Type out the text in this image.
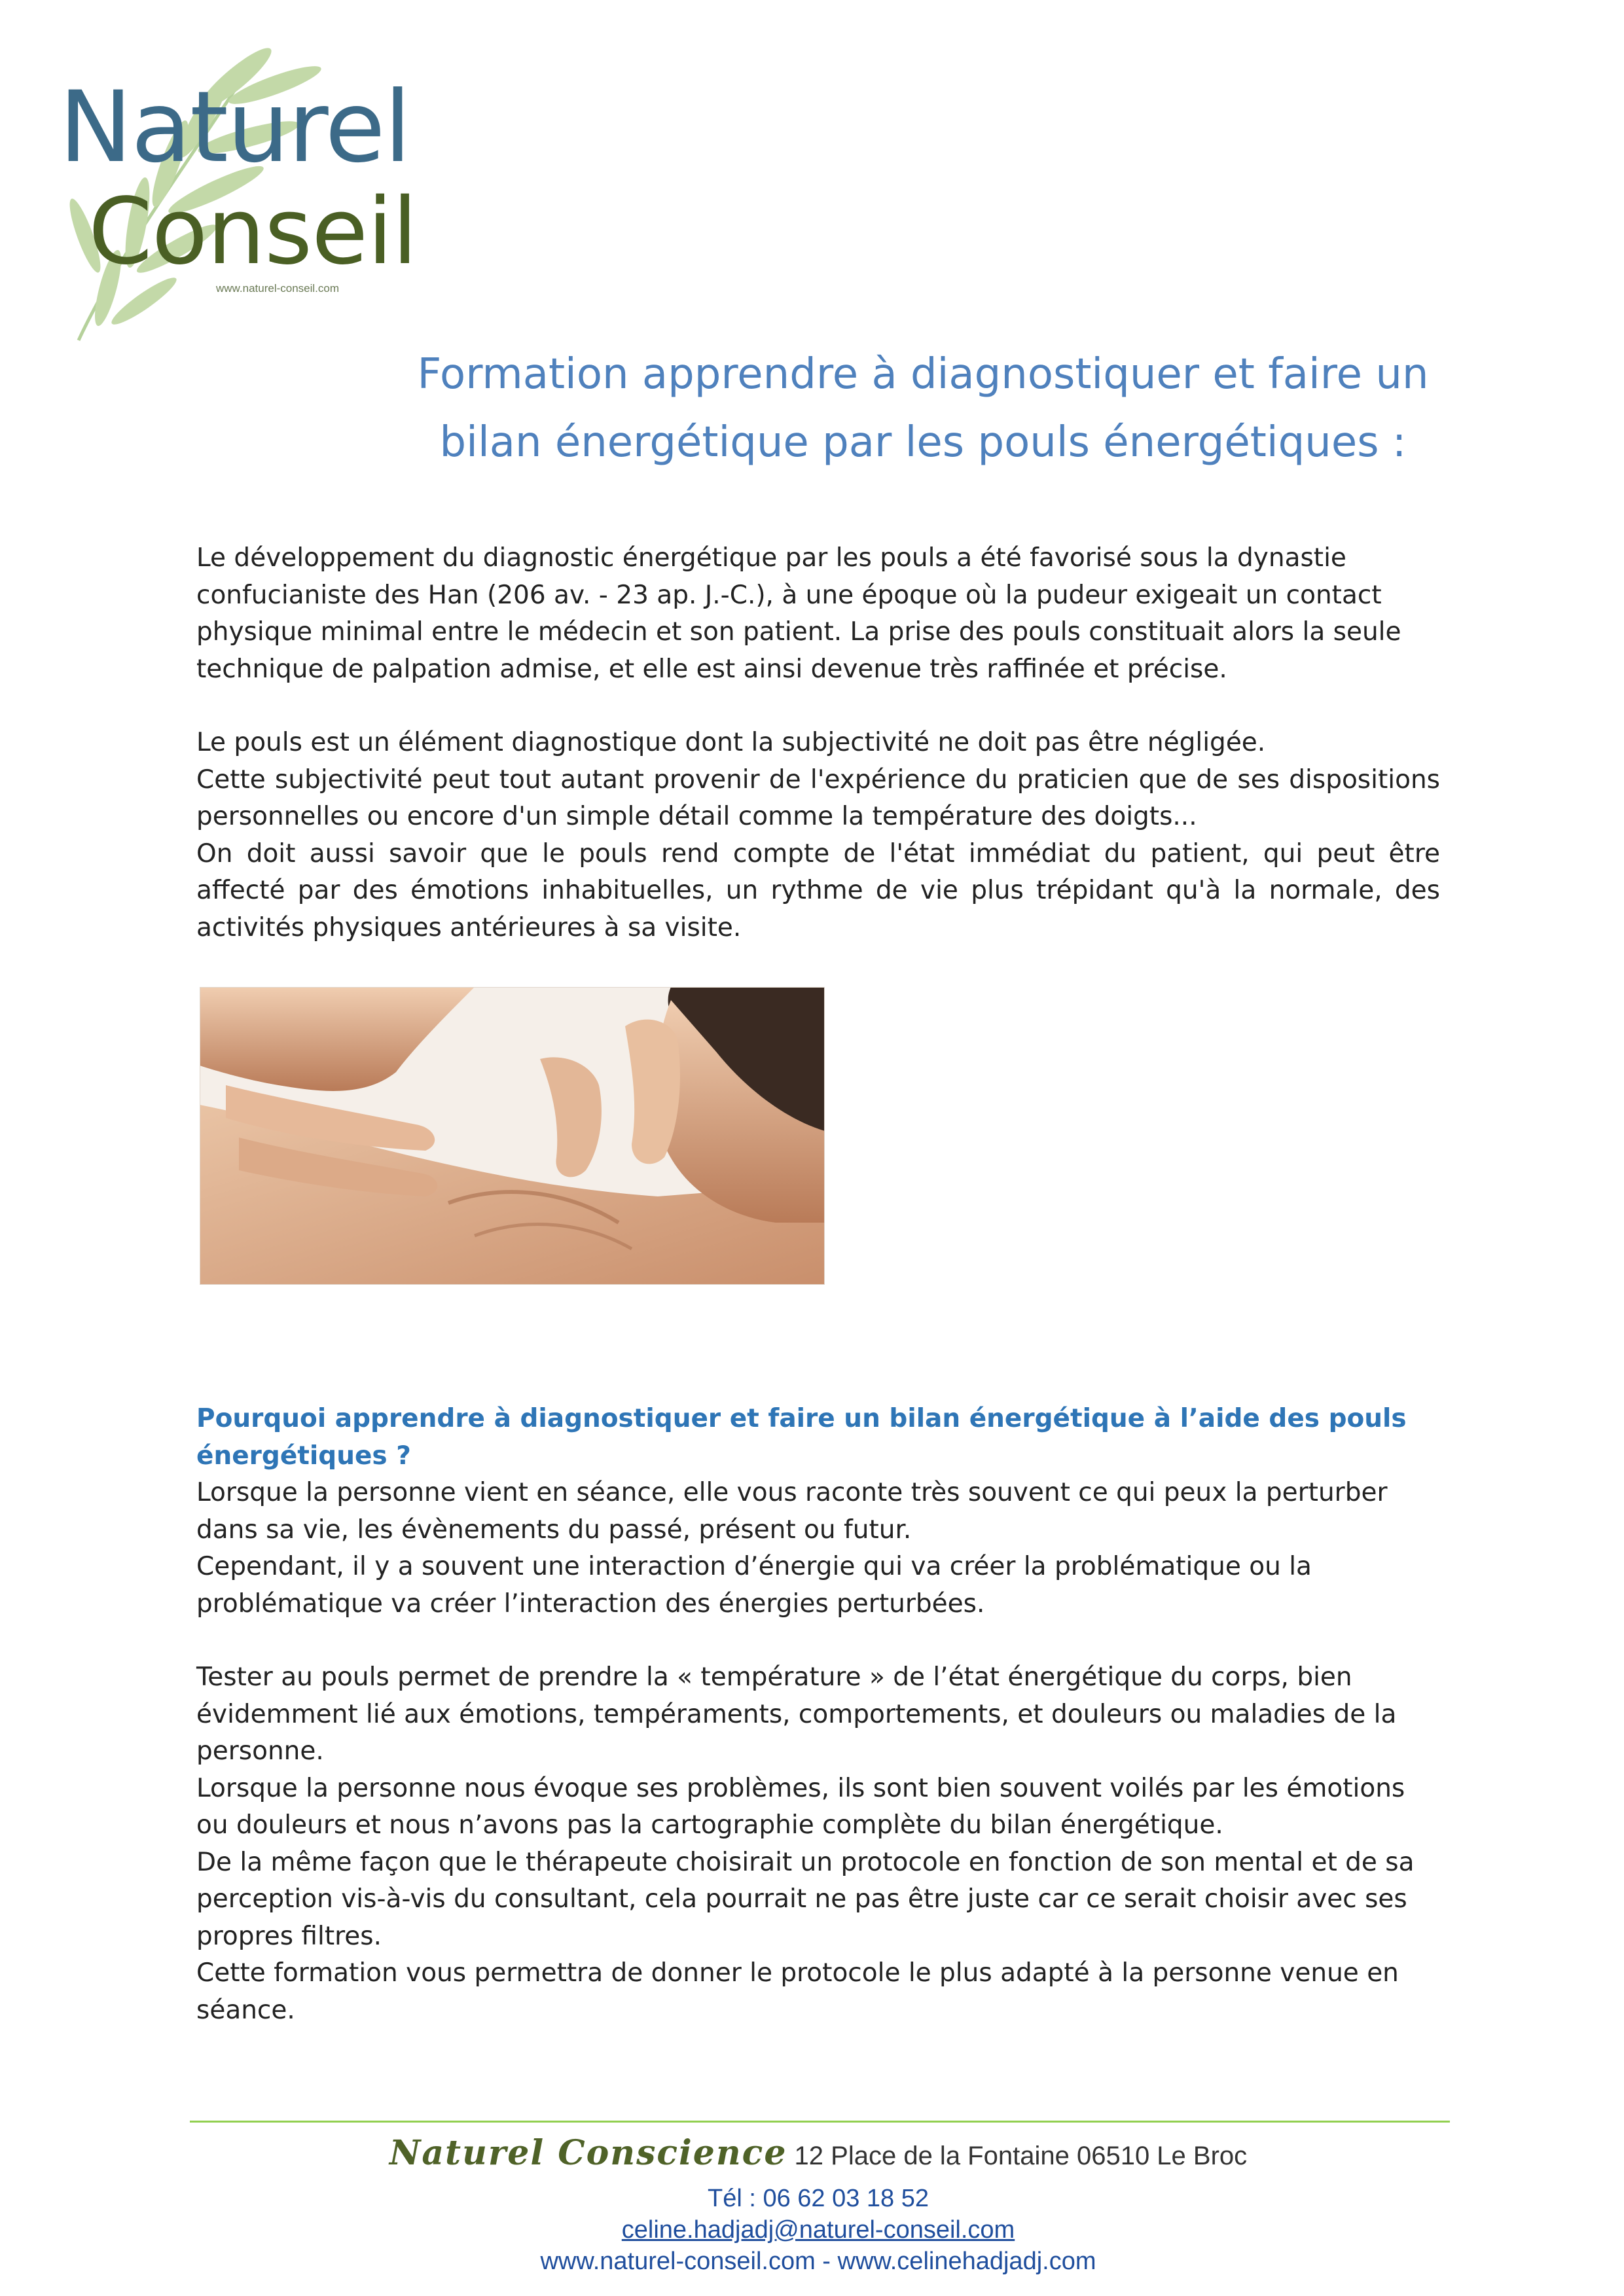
Naturel
Conseil
www.naturel-conseil.com
Formation apprendre à diagnostiquer et faire un
bilan énergétique par les pouls énergétiques :

Le développement du diagnostic énergétique par les pouls a été favorisé sous la dynastie confucianiste des Han (206 av. - 23 ap. J.-C.), à une époque où la pudeur exigeait un contact physique minimal entre le médecin et son patient. La prise des pouls constituait alors la seule technique de palpation admise, et elle est ainsi devenue très raffinée et précise.

Le pouls est un élément diagnostique dont la subjectivité ne doit pas être négligée.

Cette subjectivité peut tout autant provenir de l'expérience du praticien que de ses dispositions personnelles ou encore d'un simple détail comme la température des doigts...

On doit aussi savoir que le pouls rend compte de l'état immédiat du patient, qui peut être affecté par des émotions inhabituelles, un rythme de vie plus trépidant qu'à la normale, des activités physiques antérieures à sa visite.

Pourquoi apprendre à diagnostiquer et faire un bilan énergétique à l’aide des pouls énergétiques ?

Lorsque la personne vient en séance, elle vous raconte très souvent ce qui peux la perturber dans sa vie, les évènements du passé, présent ou futur.

Cependant, il y a souvent une interaction d’énergie qui va créer la problématique ou la problématique va créer l’interaction des énergies perturbées.

Tester au pouls permet de prendre la « température » de l’état énergétique du corps, bien évidemment lié aux émotions, tempéraments, comportements, et douleurs ou maladies de la personne.

Lorsque la personne nous évoque ses problèmes, ils sont bien souvent voilés par les émotions ou douleurs et nous n’avons pas la cartographie complète du bilan énergétique.

De la même façon que le thérapeute choisirait un protocole en fonction de son mental et de sa perception vis-à-vis du consultant, cela pourrait ne pas être juste car ce serait choisir avec ses propres filtres.

Cette formation vous permettra de donner le protocole le plus adapté à la personne venue en séance.

Naturel Conscience 12 Place de la Fontaine 06510 Le Broc
Tél : 06 62 03 18 52
celine.hadjadj@naturel-conseil.com
www.naturel-conseil.com - www.celinehadjadj.com
